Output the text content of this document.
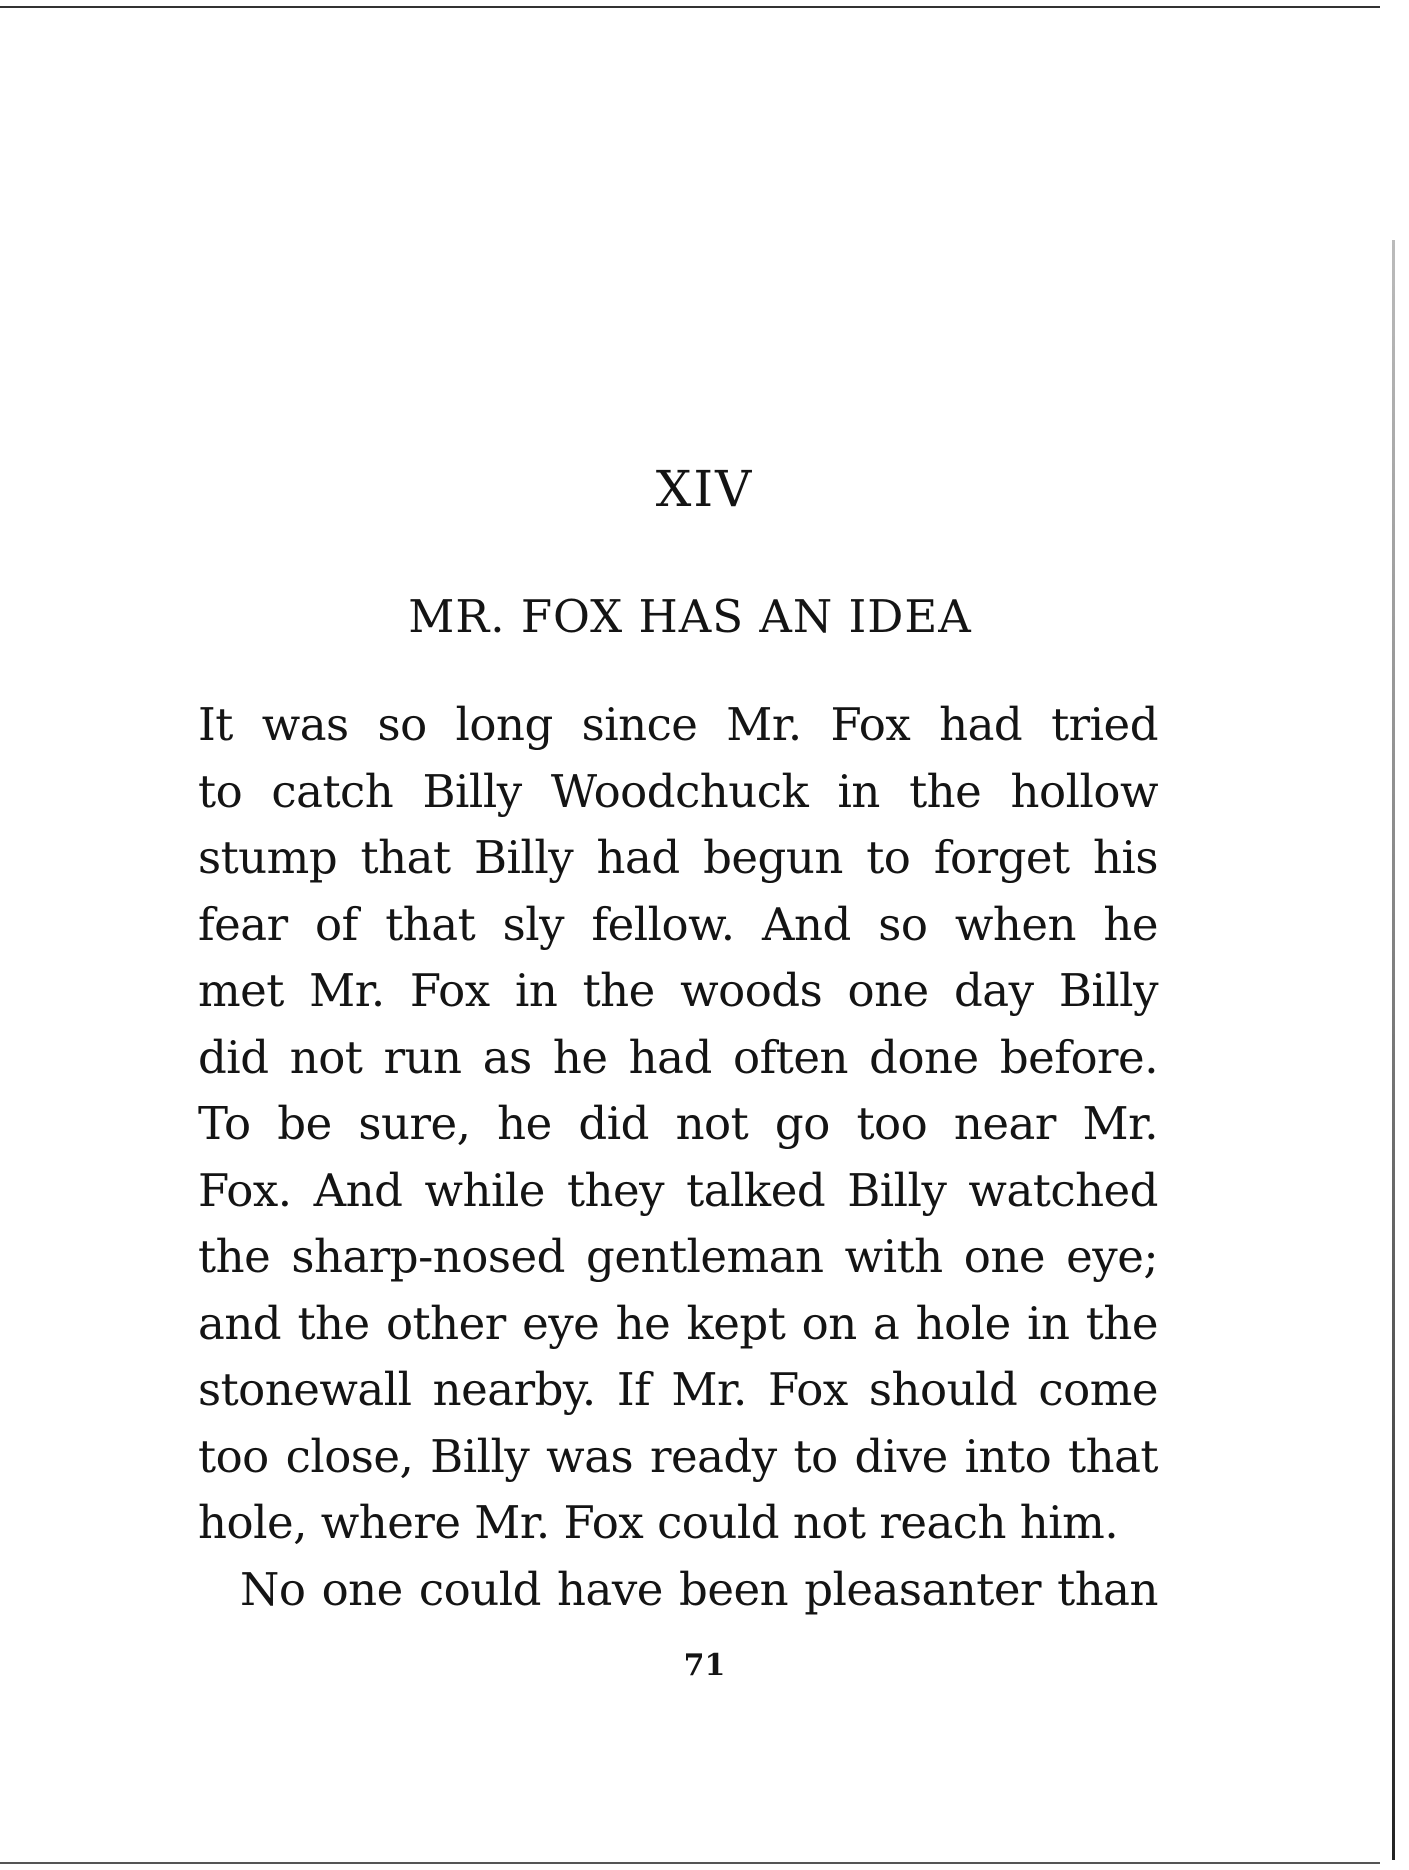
XIV
MR. FOX HAS AN IDEA
It was so long since Mr. Fox had tried
to catch Billy Woodchuck in the hollow
stump that Billy had begun to forget his
fear of that sly fellow. And so when he
met Mr. Fox in the woods one day Billy
did not run as he had often done before.
To be sure, he did not go too near Mr.
Fox. And while they talked Billy watched
the sharp-nosed gentleman with one eye;
and the other eye he kept on a hole in the
stonewall nearby. If Mr. Fox should come
too close, Billy was ready to dive into that
hole, where Mr. Fox could not reach him.
No one could have been pleasanter than
71
